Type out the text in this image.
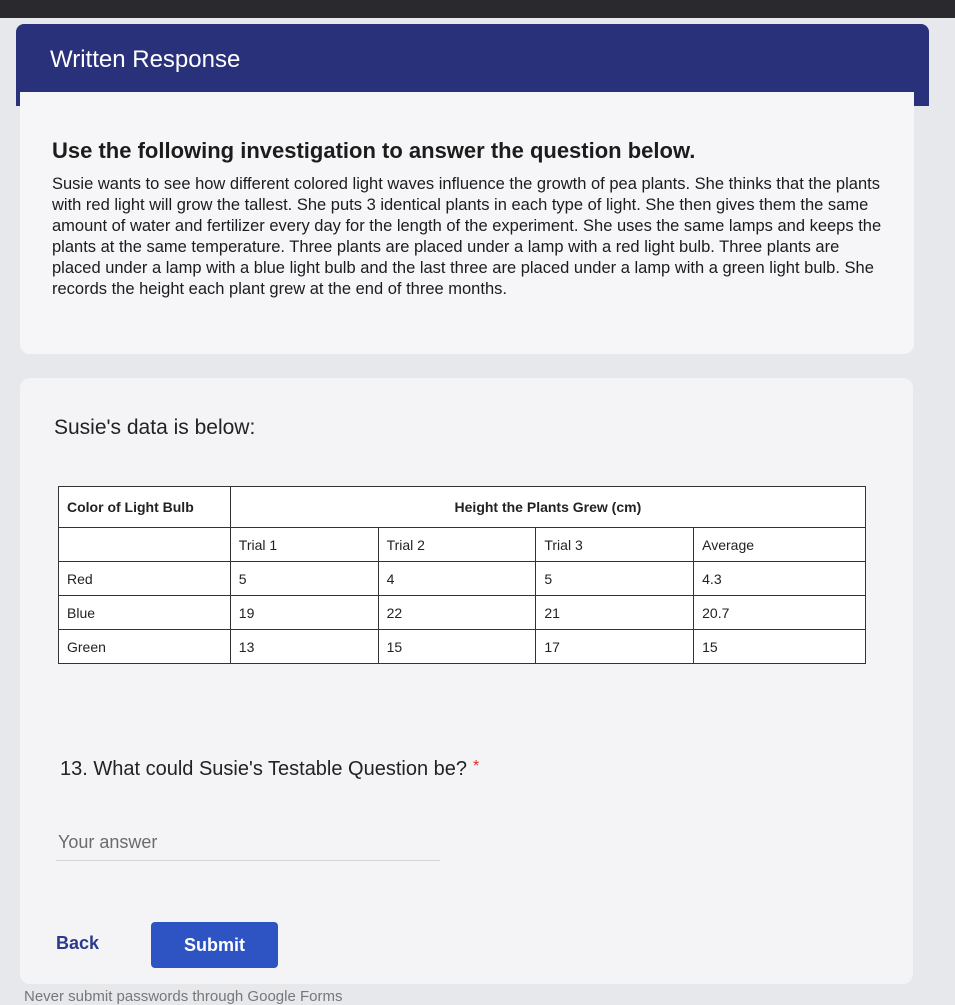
Written Response
Use the following investigation to answer the question below.
Susie wants to see how different colored light waves influence the growth of pea plants. She thinks that the plants with red light will grow the tallest. She puts 3 identical plants in each type of light. She then gives them the same amount of water and fertilizer every day for the length of the experiment. She uses the same lamps and keeps the plants at the same temperature. Three plants are placed under a lamp with a red light bulb. Three plants are placed under a lamp with a blue light bulb and the last three are placed under a lamp with a green light bulb. She records the height each plant grew at the end of three months.
Susie's data is below:
Color of Light Bulb	Height the Plants Grew (cm)			
	Trial 1	Trial 2	Trial 3	Average
Red	5	4	5	4.3
Blue	19	22	21	20.7
Green	13	15	17	15
13. What could Susie's Testable Question be? *
Your answer
Back	Submit
Never submit passwords through Google Forms
